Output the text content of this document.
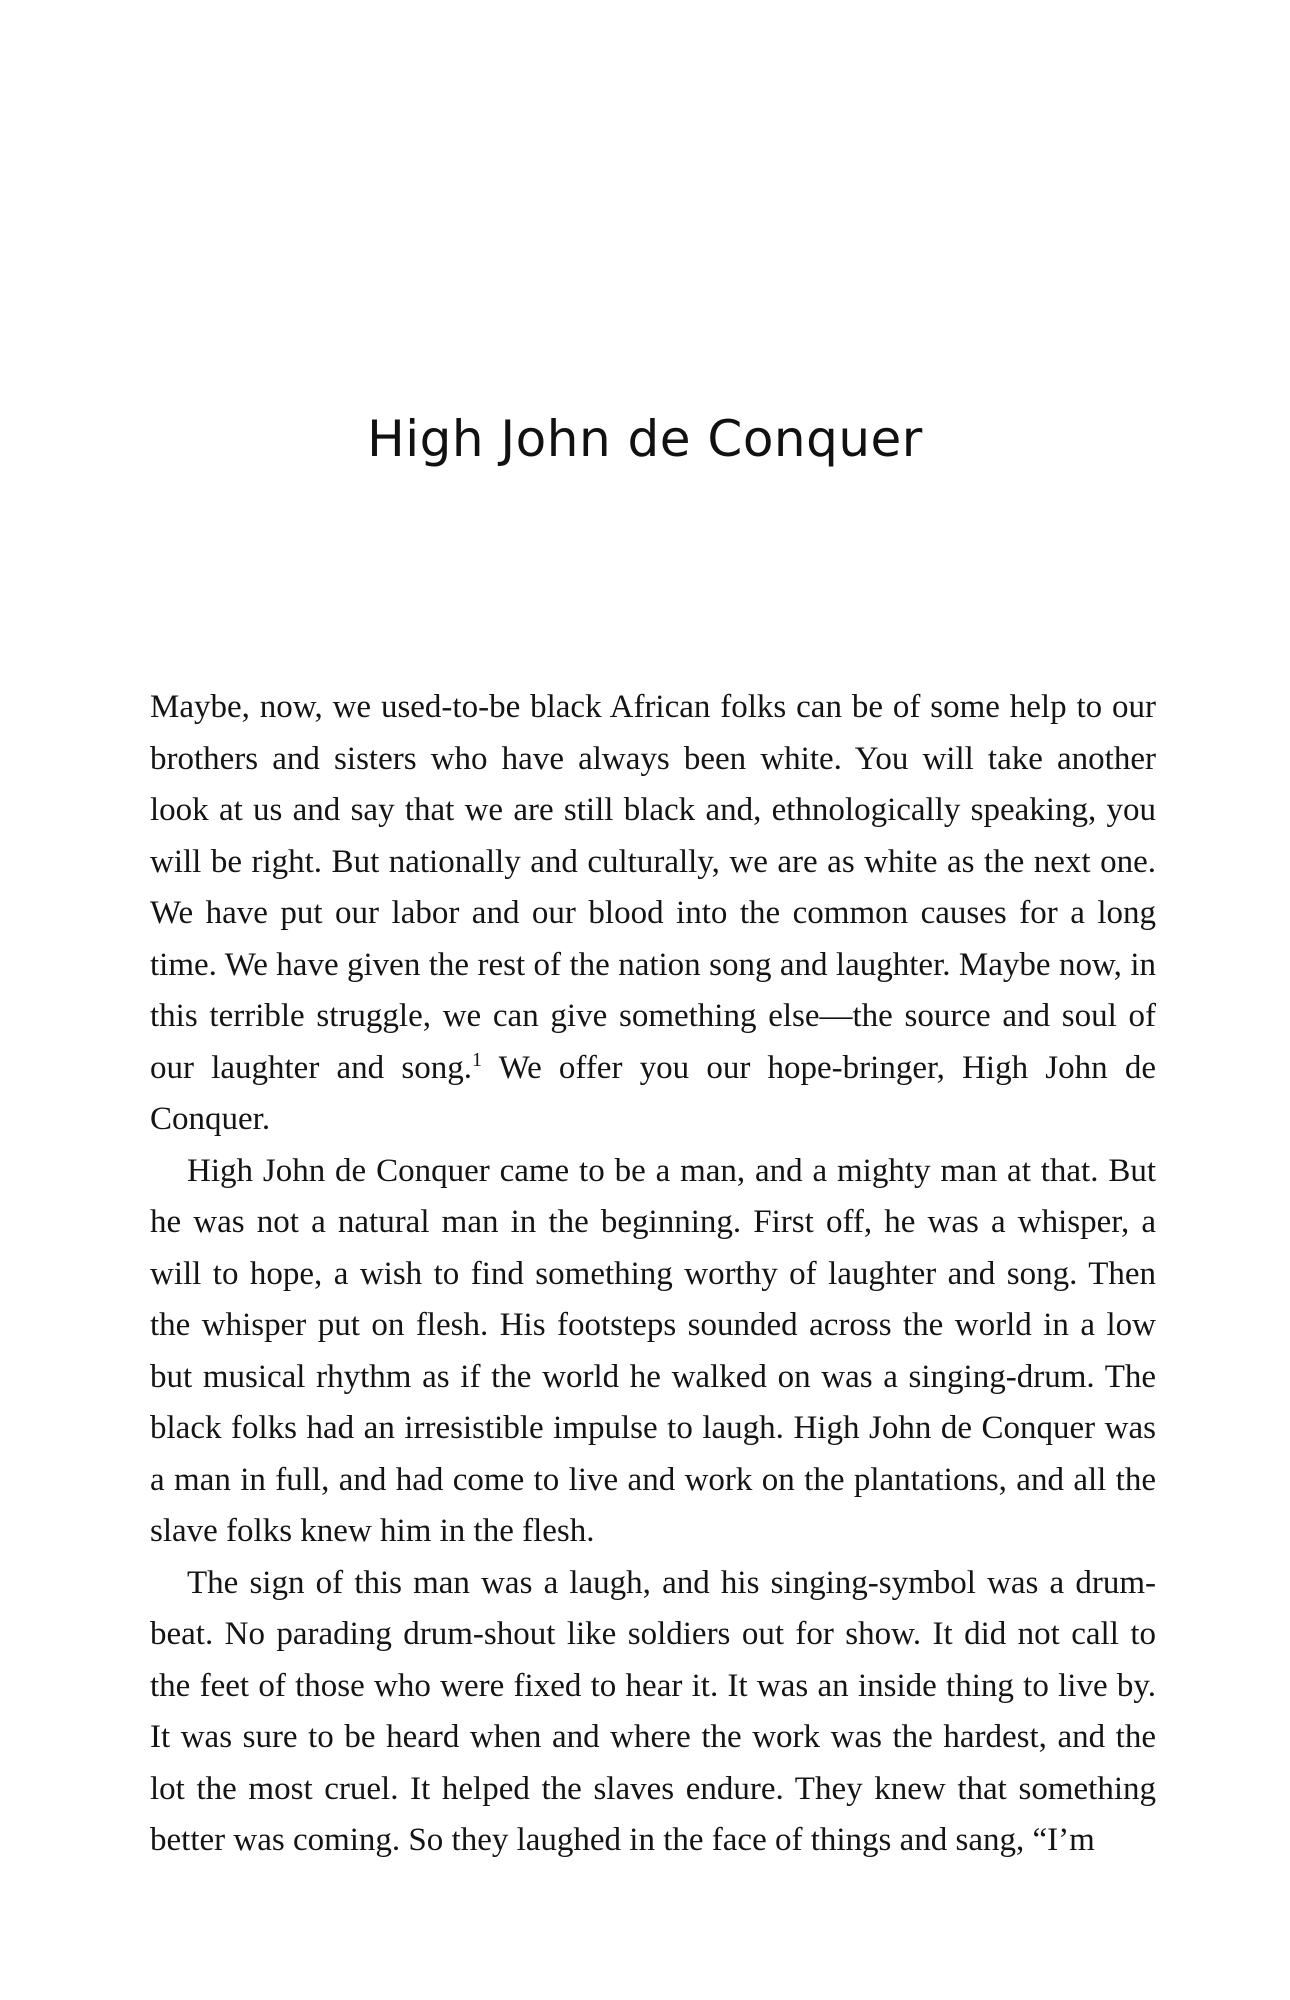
High John de Conquer

Maybe, now, we used-to-be black African folks can be of some help to our brothers and sisters who have always been white. You will take another look at us and say that we are still black and, ethnologically speaking, you will be right. But nationally and culturally, we are as white as the next one. We have put our labor and our blood into the common causes for a long time. We have given the rest of the nation song and laughter. Maybe now, in this terrible struggle, we can give something else—the source and soul of our laughter and song.$^1$ We offer you our hope-bringer, High John de Conquer.

High John de Conquer came to be a man, and a mighty man at that. But he was not a natural man in the beginning. First off, he was a whisper, a will to hope, a wish to find something worthy of laughter and song. Then the whisper put on flesh. His footsteps sounded across the world in a low but musical rhythm as if the world he walked on was a singing-drum. The black folks had an irresistible impulse to laugh. High John de Conquer was a man in full, and had come to live and work on the plantations, and all the slave folks knew him in the flesh.

The sign of this man was a laugh, and his singing-symbol was a drum-beat. No parading drum-shout like soldiers out for show. It did not call to the feet of those who were fixed to hear it. It was an inside thing to live by. It was sure to be heard when and where the work was the hardest, and the lot the most cruel. It helped the slaves endure. They knew that something better was coming. So they laughed in the face of things and sang, “I’m
